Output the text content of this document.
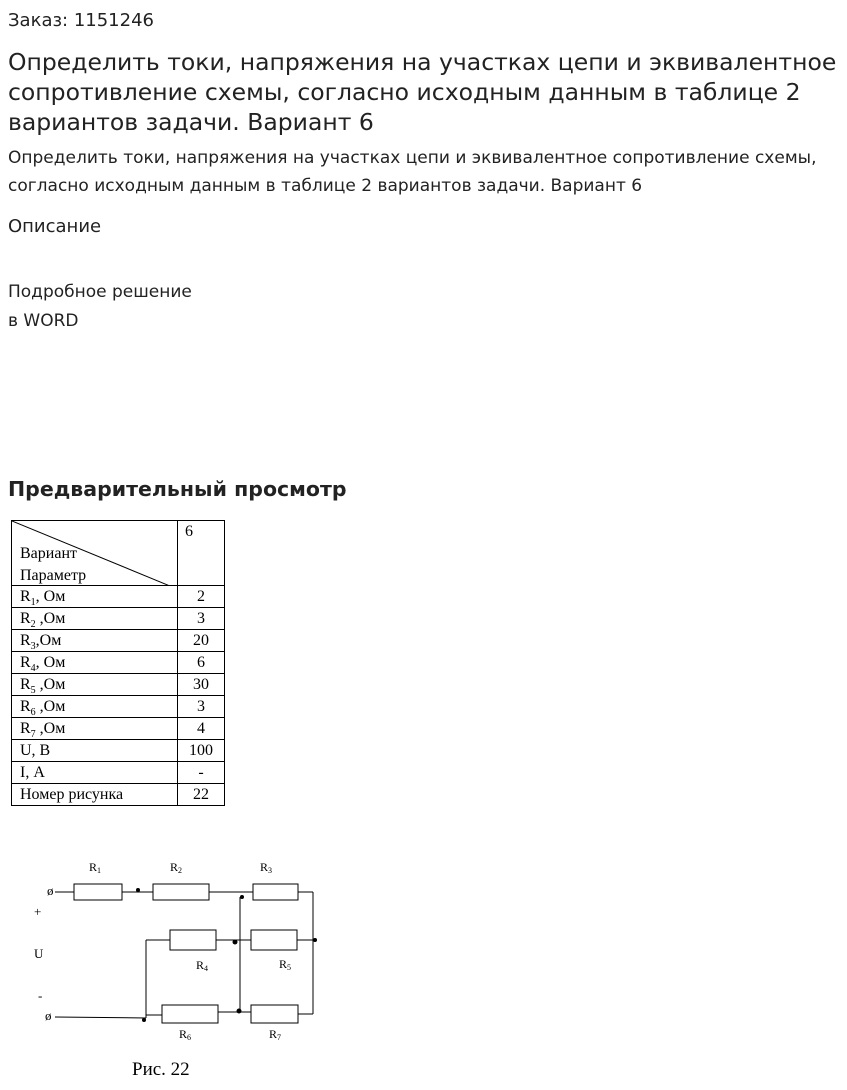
Заказ: 1151246
Определить токи, напряжения на участках цепи и эквивалентное сопротивление схемы, согласно исходным данным в таблице 2 вариантов задачи. Вариант 6

Определить токи, напряжения на участках цепи и эквивалентное сопротивление схемы, согласно исходным данным в таблице 2 вариантов задачи. Вариант 6

Описание
Подробное решение
в WORD
Предварительный просмотр
Вариант
Параметр	6

$R_1$, Ом	2
$R_2$ ,Ом	3
$R_3,Ом$	20
$R_4$, Ом	6
$R_5$ ,Ом	30
$R_6$ ,Ом	3
$R_7$ ,Ом	4
U, В	100
I, А	-
Номер рисунка	22
R1	R2	R3
R4	R5
R6	R7
+
U
-
ø
ø
Рис. 22
